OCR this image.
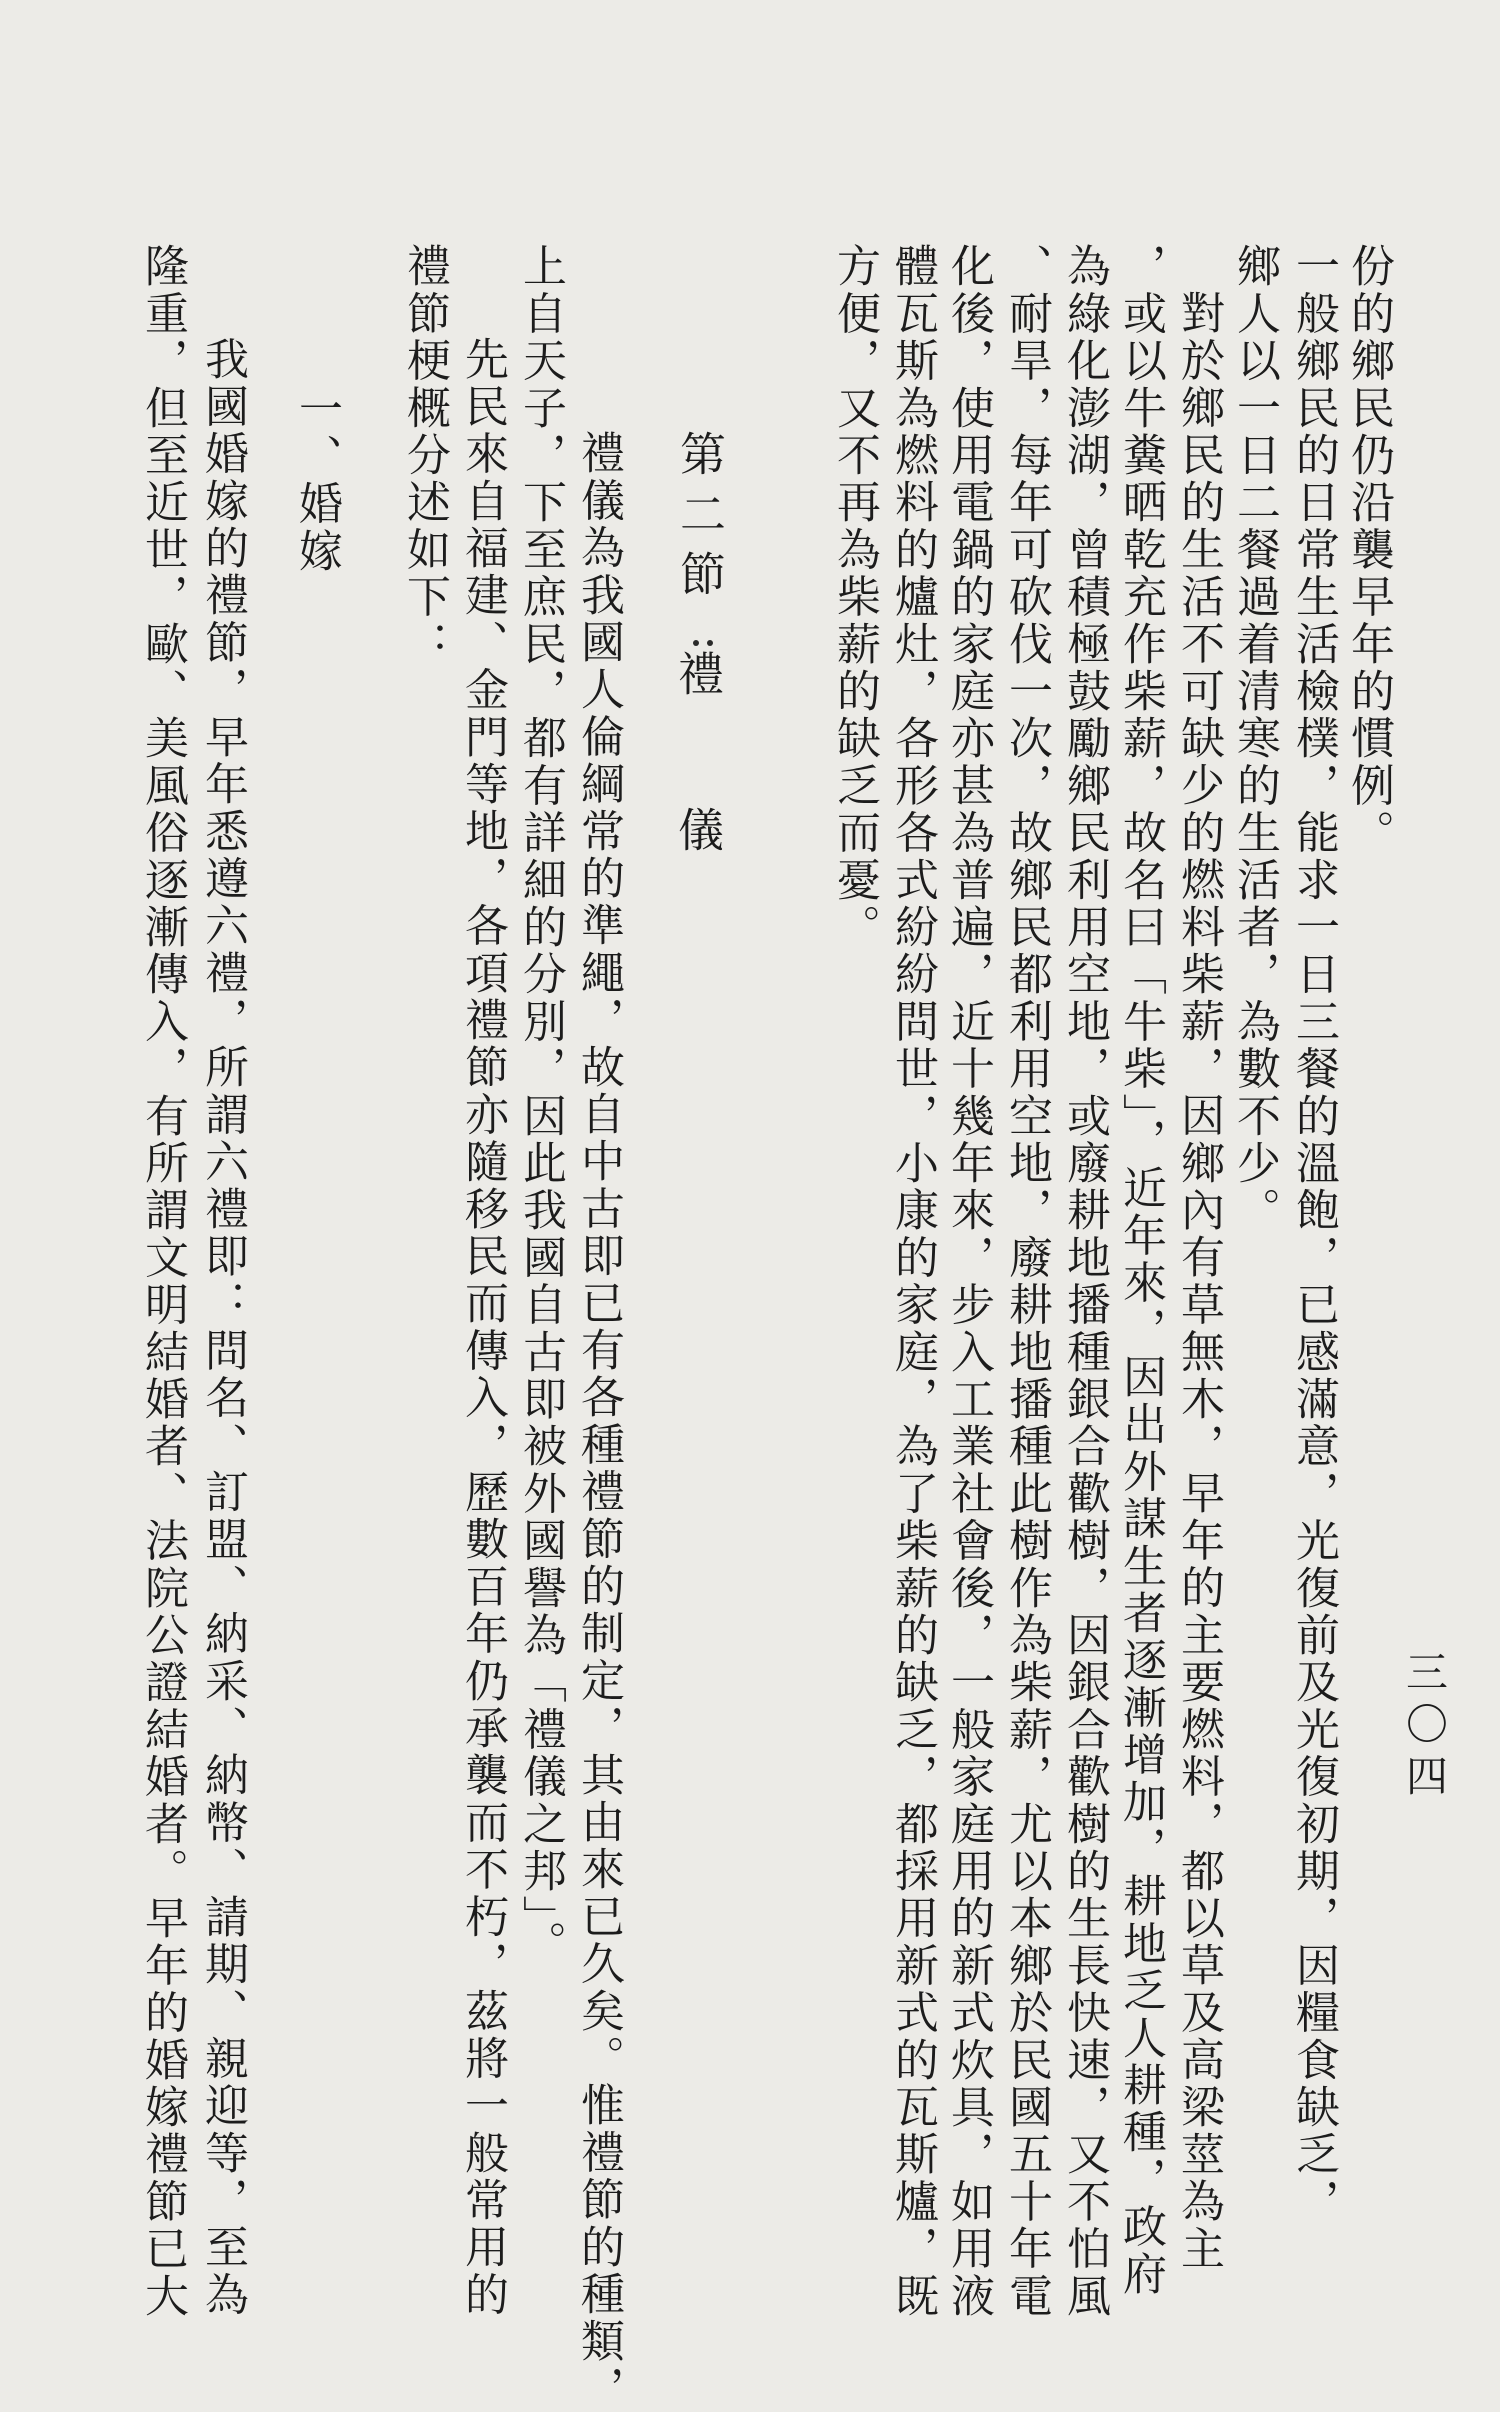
三〇四
份的鄉民仍沿襲早年的慣例。
一般鄉民的日常生活檢樸，能求一日三餐的溫飽，已感滿意，光復前及光復初期，因糧食缺乏，
鄉人以一日二餐過着清寒的生活者，為數不少。
對於鄉民的生活不可缺少的燃料柴薪，因鄉內有草無木，早年的主要燃料，都以草及高梁莖為主
，或以牛糞晒乾充作柴薪，故名曰「牛柴」，近年來，因出外謀生者逐漸增加，耕地乏人耕種，政府
為綠化澎湖，曾積極鼓勵鄉民利用空地，或廢耕地播種銀合歡樹，因銀合歡樹的生長快速，又不怕風
、耐旱，每年可砍伐一次，故鄉民都利用空地，廢耕地播種此樹作為柴薪，尤以本鄉於民國五十年電
化後，使用電鍋的家庭亦甚為普遍，近十幾年來，步入工業社會後，一般家庭用的新式炊具，如用液
體瓦斯為燃料的爐灶，各形各式紛紛問世，小康的家庭，為了柴薪的缺乏，都採用新式的瓦斯爐，既
方便，又不再為柴薪的缺乏而憂。
第二節
禮儀
禮儀為我國人倫綱常的準繩，故自中古即已有各種禮節的制定，其由來已久矣。惟禮節的種類，
上自天子，下至庶民，都有詳細的分別，因此我國自古即被外國譽為「禮儀之邦」。
先民來自福建、金門等地，各項禮節亦隨移民而傳入，歷數百年仍承襲而不朽，茲將一般常用的
禮節梗概分述如下：
一、婚嫁
我國婚嫁的禮節，早年悉遵六禮，所謂六禮即：問名、訂盟、納采、納幣、請期、親迎等，至為
隆重，但至近世，歐、美風俗逐漸傳入，有所謂文明結婚者、法院公證結婚者。早年的婚嫁禮節已大
